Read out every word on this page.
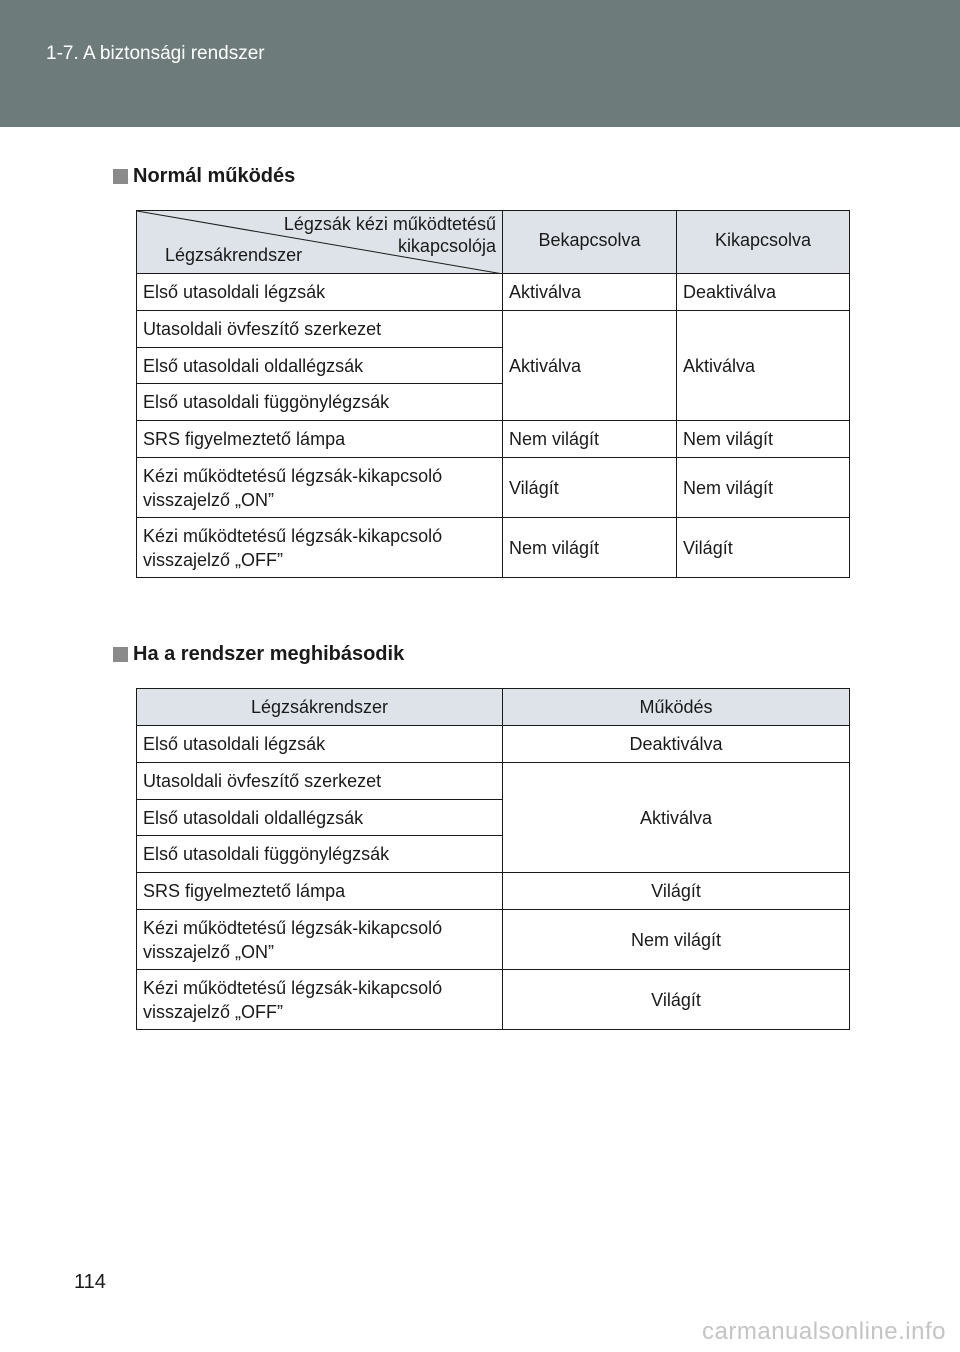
1-7. A biztonsági rendszer
Normál működés
Légzsák kézi működtetésű
kikapcsolója
Légzsákrendszer	Bekapcsolva	Kikapcsolva
Első utasoldali légzsák	Aktiválva	Deaktiválva
Utasoldali övfeszítő szerkezet	Aktiválva	Aktiválva
Első utasoldali oldallégzsák		
Első utasoldali függönylégzsák		
SRS figyelmeztető lámpa	Nem világít	Nem világít

Kézi működtetésű légzsák-kikapcsoló
visszajelző „ON”	Világít	Nem világít

Kézi működtetésű légzsák-kikapcsoló
visszajelző „OFF”	Nem világít	Világít
Ha a rendszer meghibásodik
Légzsákrendszer	Működés
Első utasoldali légzsák	Deaktiválva
Utasoldali övfeszítő szerkezet	Aktiválva
Első utasoldali oldallégzsák	
Első utasoldali függönylégzsák	
SRS figyelmeztető lámpa	Világít

Kézi működtetésű légzsák-kikapcsoló
visszajelző „ON”	Nem világít

Kézi működtetésű légzsák-kikapcsoló
visszajelző „OFF”	Világít
114
carmanualsonline.info
